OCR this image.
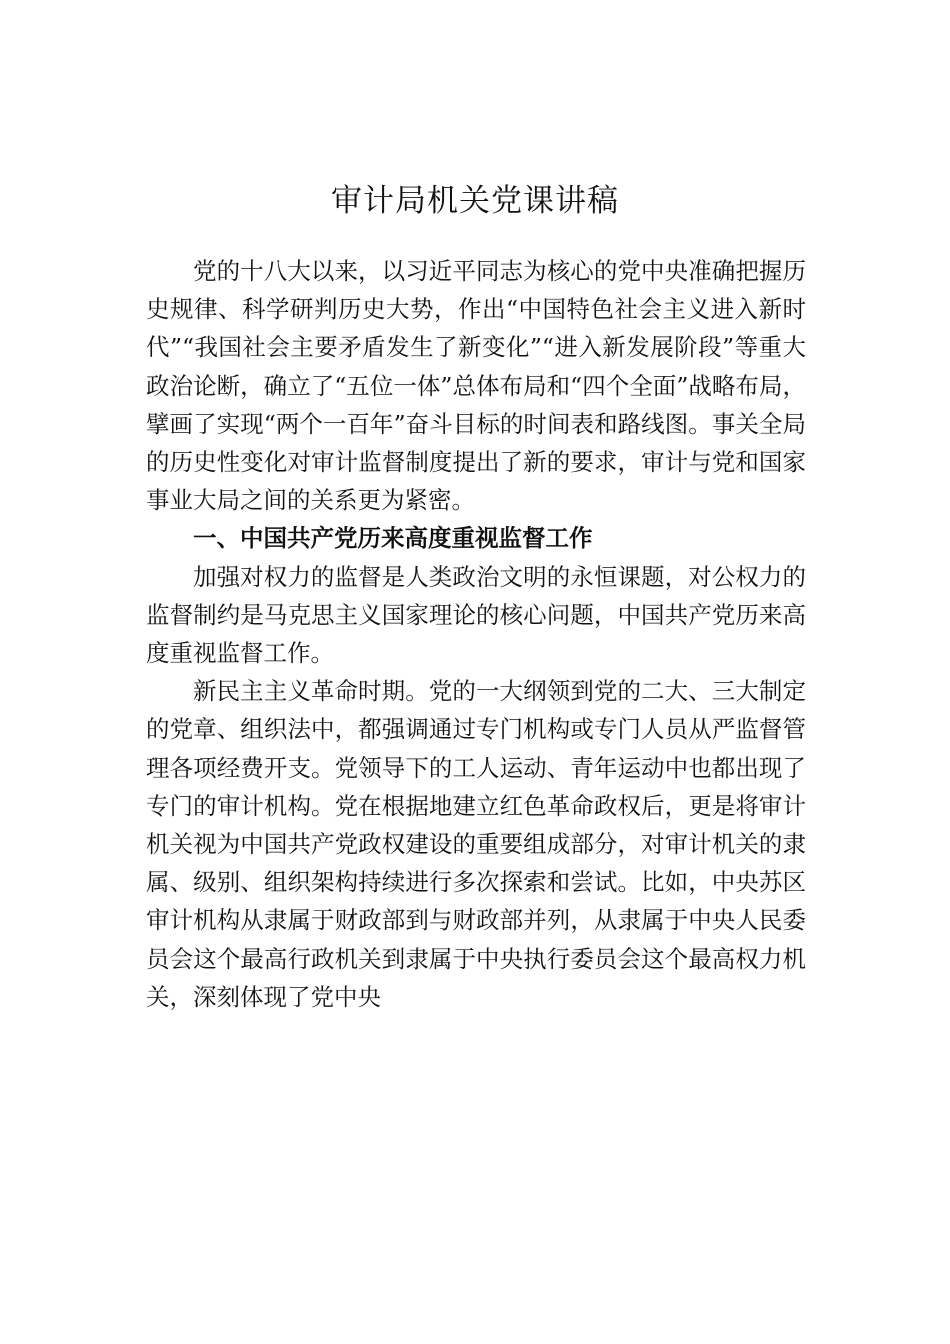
审计局机关党课讲稿

党的十八大以来，以习近平同志为核心的党中央准确把握历史规律、科学研判历史大势，作出“中国特色社会主义进入新时代”“我国社会主要矛盾发生了新变化”“进入新发展阶段”等重大政治论断，确立了“五位一体”总体布局和“四个全面”战略布局，擘画了实现“两个一百年”奋斗目标的时间表和路线图。事关全局的历史性变化对审计监督制度提出了新的要求，审计与党和国家事业大局之间的关系更为紧密。

一、中国共产党历来高度重视监督工作

加强对权力的监督是人类政治文明的永恒课题，对公权力的监督制约是马克思主义国家理论的核心问题，中国共产党历来高度重视监督工作。

新民主主义革命时期。党的一大纲领到党的二大、三大制定的党章、组织法中，都强调通过专门机构或专门人员从严监督管理各项经费开支。党领导下的工人运动、青年运动中也都出现了专门的审计机构。党在根据地建立红色革命政权后，更是将审计机关视为中国共产党政权建设的重要组成部分，对审计机关的隶属、级别、组织架构持续进行多次探索和尝试。比如，中央苏区审计机构从隶属于财政部到与财政部并列，从隶属于中央人民委员会这个最高行政机关到隶属于中央执行委员会这个最高权力机关，深刻体现了党中央
